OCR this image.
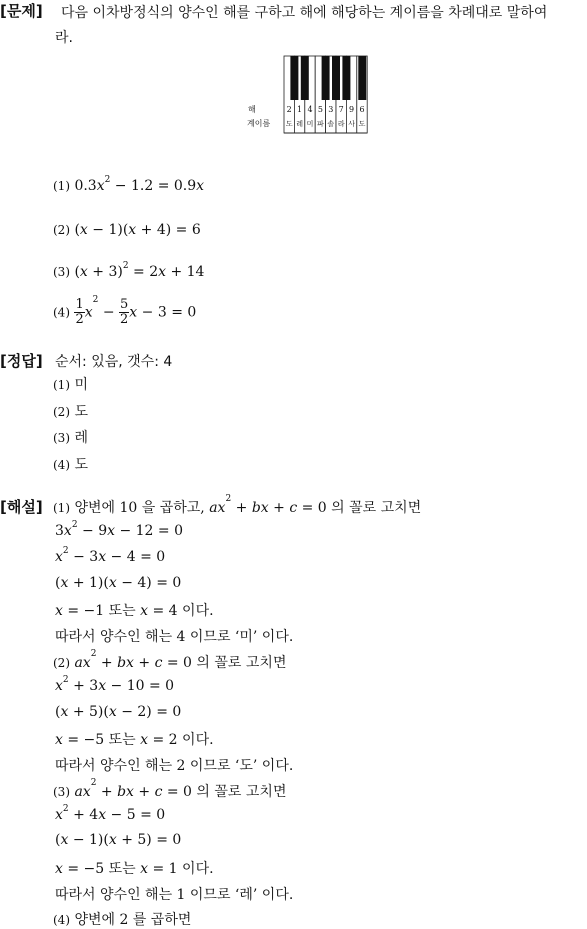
[문제] 다음 이차방정식의 양수인 해를 구하고 해에 해당하는 계이름을 차례대로 말하여
라.
2
도
1
레
4
미
5
파
3
솔
7
라
9
사
6
도
해
계이름
(1) $0.3x^2 - 1.2 = 0.9x$
(2) (x − 1)(x + 4) = 6
(3) $(x + 3)^2 = 2x + 14$
$(4) \frac{1}{2} x^2 - \frac{5}{2}$ x − 3 = 0
[정답] 순서: 있음, 갯수: 4
(1) 미
(2) 도
(3) 레
(4) 도
[해설] (1) 양변에 10 을 곱하고, $ax^2$ + bx + c = 0 의 꼴로 고치면
$3x^2 - 9x - 12 = 0$
$x^2 - 3x - 4 = 0$
(x + 1)(x − 4) = 0
x = −1 또는 x = 4 이다.
따라서 양수인 해는 4 이므로 ‘미’ 이다.
(2) $ax^2$ + bx + c = 0 의 꼴로 고치면
$x^2 + 3x - 10 = 0$
(x + 5)(x − 2) = 0
x = −5 또는 x = 2 이다.
따라서 양수인 해는 2 이므로 ‘도’ 이다.
(3) $ax^2$ + bx + c = 0 의 꼴로 고치면
$x^2 + 4x - 5 = 0$
(x − 1)(x + 5) = 0
x = −5 또는 x = 1 이다.
따라서 양수인 해는 1 이므로 ‘레’ 이다.
(4) 양변에 2 를 곱하면
